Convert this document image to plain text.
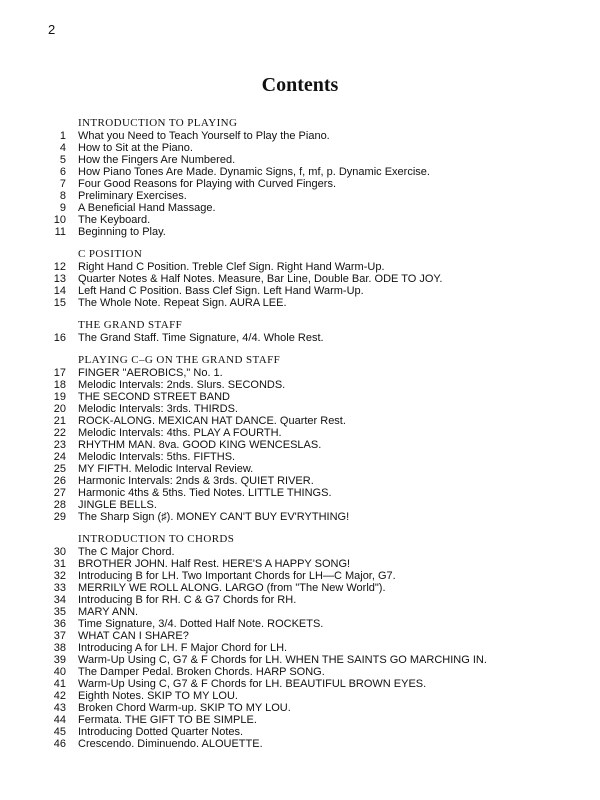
2
Contents
INTRODUCTION TO PLAYING
1 What you Need to Teach Yourself to Play the Piano.
4 How to Sit at the Piano.
5 How the Fingers Are Numbered.
6 How Piano Tones Are Made. Dynamic Signs, f, mf, p. Dynamic Exercise.
7 Four Good Reasons for Playing with Curved Fingers.
8 Preliminary Exercises.
9 A Beneficial Hand Massage.
10 The Keyboard.
11 Beginning to Play.
C POSITION
12 Right Hand C Position. Treble Clef Sign. Right Hand Warm-Up.
13 Quarter Notes & Half Notes. Measure, Bar Line, Double Bar. ODE TO JOY.
14 Left Hand C Position. Bass Clef Sign. Left Hand Warm-Up.
15 The Whole Note. Repeat Sign. AURA LEE.
THE GRAND STAFF
16 The Grand Staff. Time Signature, 4/4. Whole Rest.
PLAYING C–G ON THE GRAND STAFF
17 FINGER "AEROBICS," No. 1.
18 Melodic Intervals: 2nds. Slurs. SECONDS.
19 THE SECOND STREET BAND
20 Melodic Intervals: 3rds. THIRDS.
21 ROCK-ALONG. MEXICAN HAT DANCE. Quarter Rest.
22 Melodic Intervals: 4ths. PLAY A FOURTH.
23 RHYTHM MAN. 8va. GOOD KING WENCESLAS.
24 Melodic Intervals: 5ths. FIFTHS.
25 MY FIFTH. Melodic Interval Review.
26 Harmonic Intervals: 2nds & 3rds. QUIET RIVER.
27 Harmonic 4ths & 5ths. Tied Notes. LITTLE THINGS.
28 JINGLE BELLS.
29 The Sharp Sign (♯). MONEY CAN'T BUY EV'RYTHING!
INTRODUCTION TO CHORDS
30 The C Major Chord.
31 BROTHER JOHN. Half Rest. HERE'S A HAPPY SONG!
32 Introducing B for LH. Two Important Chords for LH—C Major, G7.
33 MERRILY WE ROLL ALONG. LARGO (from "The New World").
34 Introducing B for RH. C & G7 Chords for RH.
35 MARY ANN.
36 Time Signature, 3/4. Dotted Half Note. ROCKETS.
37 WHAT CAN I SHARE?
38 Introducing A for LH. F Major Chord for LH.
39 Warm-Up Using C, G7 & F Chords for LH. WHEN THE SAINTS GO MARCHING IN.
40 The Damper Pedal. Broken Chords. HARP SONG.
41 Warm-Up Using C, G7 & F Chords for LH. BEAUTIFUL BROWN EYES.
42 Eighth Notes. SKIP TO MY LOU.
43 Broken Chord Warm-up. SKIP TO MY LOU.
44 Fermata. THE GIFT TO BE SIMPLE.
45 Introducing Dotted Quarter Notes.
46 Crescendo. Diminuendo. ALOUETTE.
